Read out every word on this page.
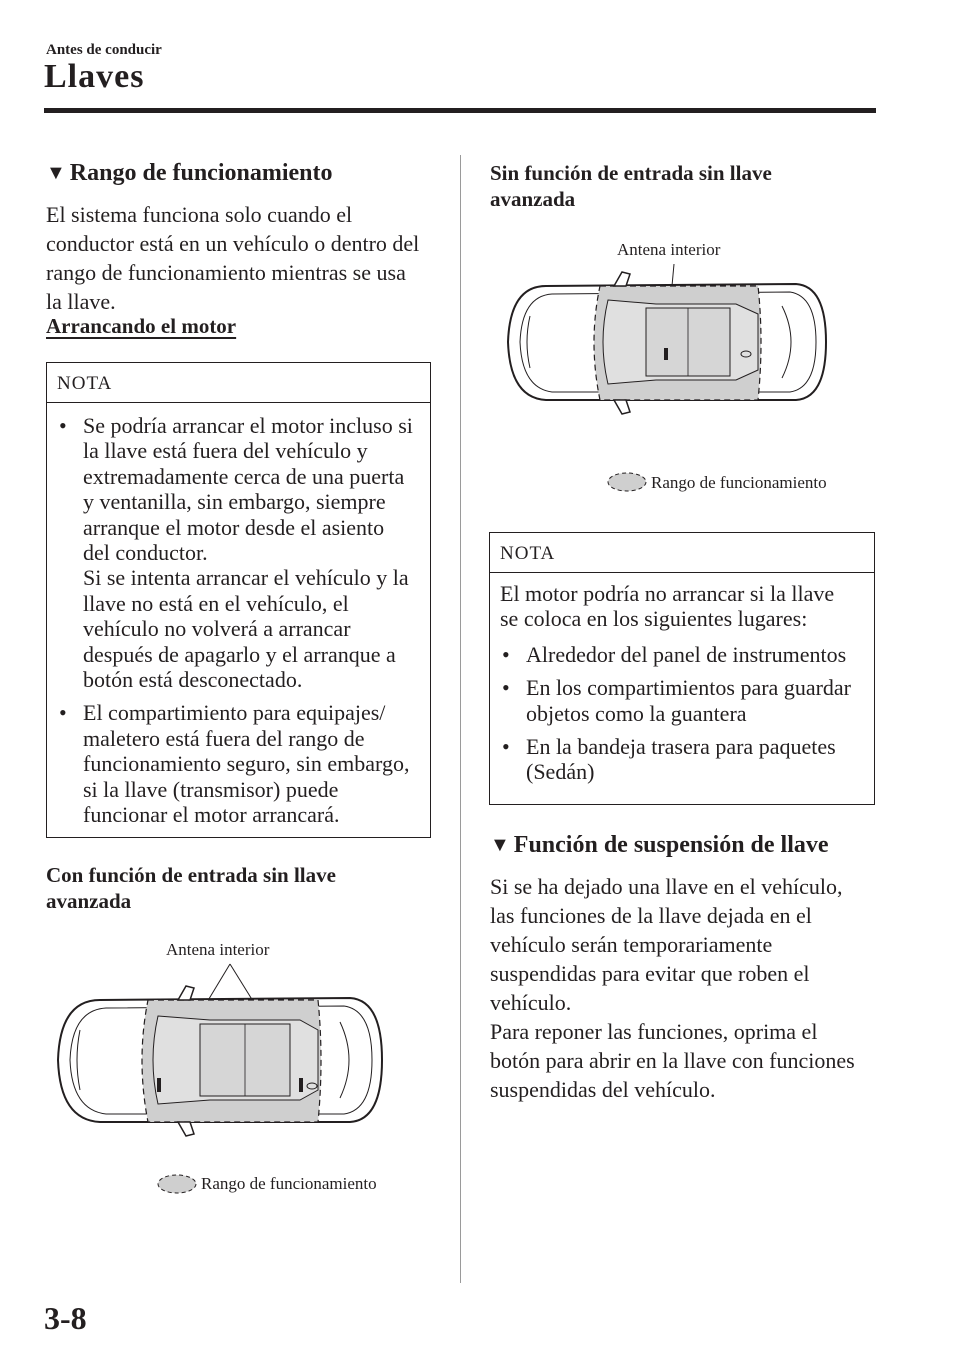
Antes de conducir
Llaves
▼ Rango de funcionamiento
El sistema funciona solo cuando el
conductor está en un vehículo o dentro del
rango de funcionamiento mientras se usa
la llave.
Arrancando el motor
NOTA
• Se podría arrancar el motor incluso si
la llave está fuera del vehículo y
extremadamente cerca de una puerta
y ventanilla, sin embargo, siempre
arranque el motor desde el asiento
del conductor.
Si se intenta arrancar el vehículo y la
llave no está en el vehículo, el
vehículo no volverá a arrancar
después de apagarlo y el arranque a
botón está desconectado.
• El compartimiento para equipajes/
maletero está fuera del rango de
funcionamiento seguro, sin embargo,
si la llave (transmisor) puede
funcionar el motor arrancará.
Con función de entrada sin llave
avanzada
Antena interior
Rango de funcionamiento
Sin función de entrada sin llave
avanzada
Antena interior
Rango de funcionamiento
NOTA
El motor podría no arrancar si la llave
se coloca en los siguientes lugares:
• Alrededor del panel de instrumentos
• En los compartimientos para guardar
objetos como la guantera
• En la bandeja trasera para paquetes
(Sedán)
▼ Función de suspensión de llave
Si se ha dejado una llave en el vehículo,
las funciones de la llave dejada en el
vehículo serán temporariamente
suspendidas para evitar que roben el
vehículo.
Para reponer las funciones, oprima el
botón para abrir en la llave con funciones
suspendidas del vehículo.
3-8
